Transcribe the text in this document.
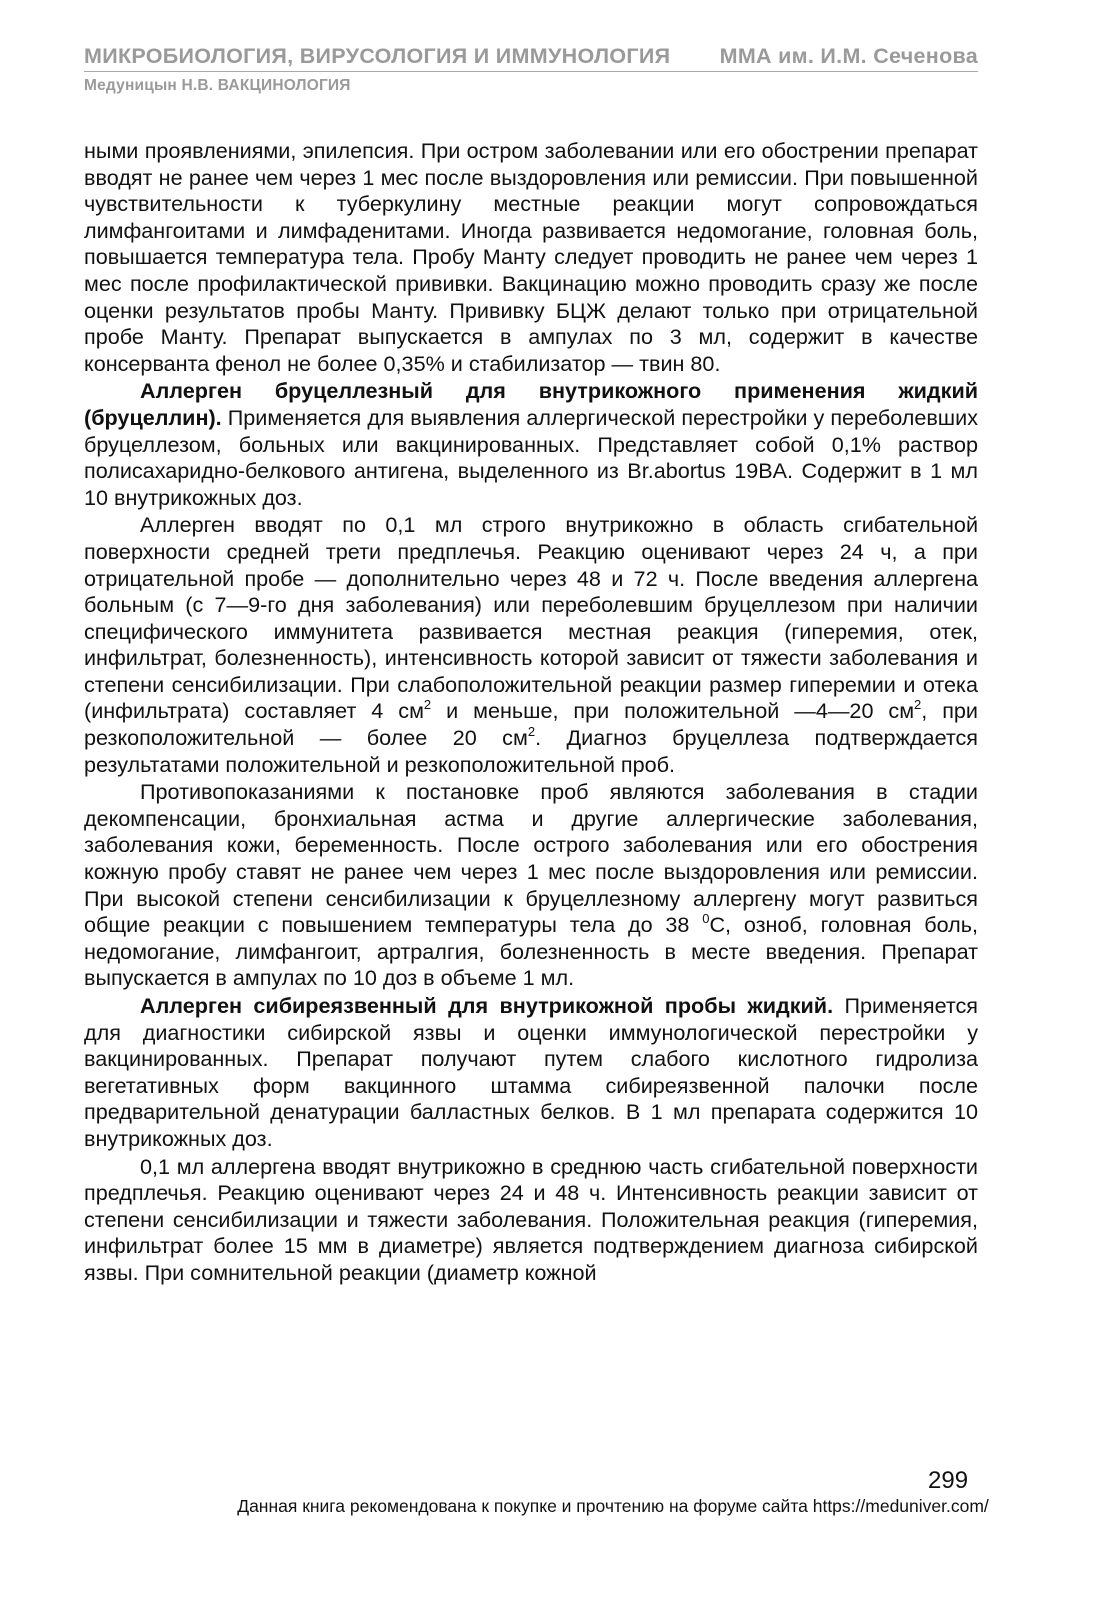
МИКРОБИОЛОГИЯ, ВИРУСОЛОГИЯ И ИММУНОЛОГИЯ ММА им. И.М. Сеченова
Медуницын Н.В. ВАКЦИНОЛОГИЯ

ными проявлениями, эпилепсия. При остром заболевании или его обострении препарат вводят не ранее чем через 1 мес после выздоровления или ремиссии. При повышенной чувствительности к туберкулину местные реакции могут сопровождаться лимфангоитами и лимфаденитами. Иногда развивается недомогание, головная боль, повышается температура тела. Пробу Манту следует проводить не ранее чем через 1 мес после профилактической прививки. Вакцинацию можно проводить сразу же после оценки результатов пробы Манту. Прививку БЦЖ делают только при отрицательной пробе Манту. Препарат выпускается в ампулах по 3 мл, содержит в качестве консерванта фенол не более 0,35% и стабилизатор — твин 80.

Аллерген бруцеллезный для внутрикожного применения жидкий (бруцеллин). Применяется для выявления аллергической перестройки у переболевших бруцеллезом, больных или вакцинированных. Представляет собой 0,1% раствор полисахаридно-белкового антигена, выделенного из Br.abortus 19BA. Содержит в 1 мл 10 внутрикожных доз.

Аллерген вводят по 0,1 мл строго внутрикожно в область сгибательной поверхности средней трети предплечья. Реакцию оценивают через 24 ч, а при отрицательной пробе — дополнительно через 48 и 72 ч. После введения аллергена больным (с 7—9-го дня заболевания) или переболевшим бруцеллезом при наличии специфического иммунитета развивается местная реакция (гиперемия, отек, инфильтрат, болезненность), интенсивность которой зависит от тяжести заболевания и степени сенсибилизации. При слабоположительной реакции размер гиперемии и отека (инфильтрата) составляет 4 $см^2$ и меньше, при положительной —4—20 $см^2$, при резкоположительной — более 20 $см^2$. Диагноз бруцеллеза подтверждается результатами положительной и резкоположительной проб.

Противопоказаниями к постановке проб являются заболевания в стадии декомпенсации, бронхиальная астма и другие аллергические заболевания, заболевания кожи, беременность. После острого заболевания или его обострения кожную пробу ставят не ранее чем через 1 мес после выздоровления или ремиссии. При высокой степени сенсибилизации к бруцеллезному аллергену могут развиться общие реакции с повышением температуры тела до 38 $^0$С, озноб, головная боль, недомогание, лимфангоит, артралгия, болезненность в месте введения. Препарат выпускается в ампулах по 10 доз в объеме 1 мл.

Аллерген сибиреязвенный для внутрикожной пробы жидкий. Применяется для диагностики сибирской язвы и оценки иммунологической перестройки у вакцинированных. Препарат получают путем слабого кислотного гидролиза вегетативных форм вакцинного штамма сибиреязвенной палочки после предварительной денатурации балластных белков. В 1 мл препарата содержится 10 внутрикожных доз.

0,1 мл аллергена вводят внутрикожно в среднюю часть сгибательной поверхности предплечья. Реакцию оценивают через 24 и 48 ч. Интенсивность реакции зависит от степени сенсибилизации и тяжести заболевания. Положительная реакция (гиперемия, инфильтрат более 15 мм в диаметре) является подтверждением диагноза сибирской язвы. При сомнительной реакции (диаметр кожной

299
Данная книга рекомендована к покупке и прочтению на форуме сайта https://meduniver.com/
